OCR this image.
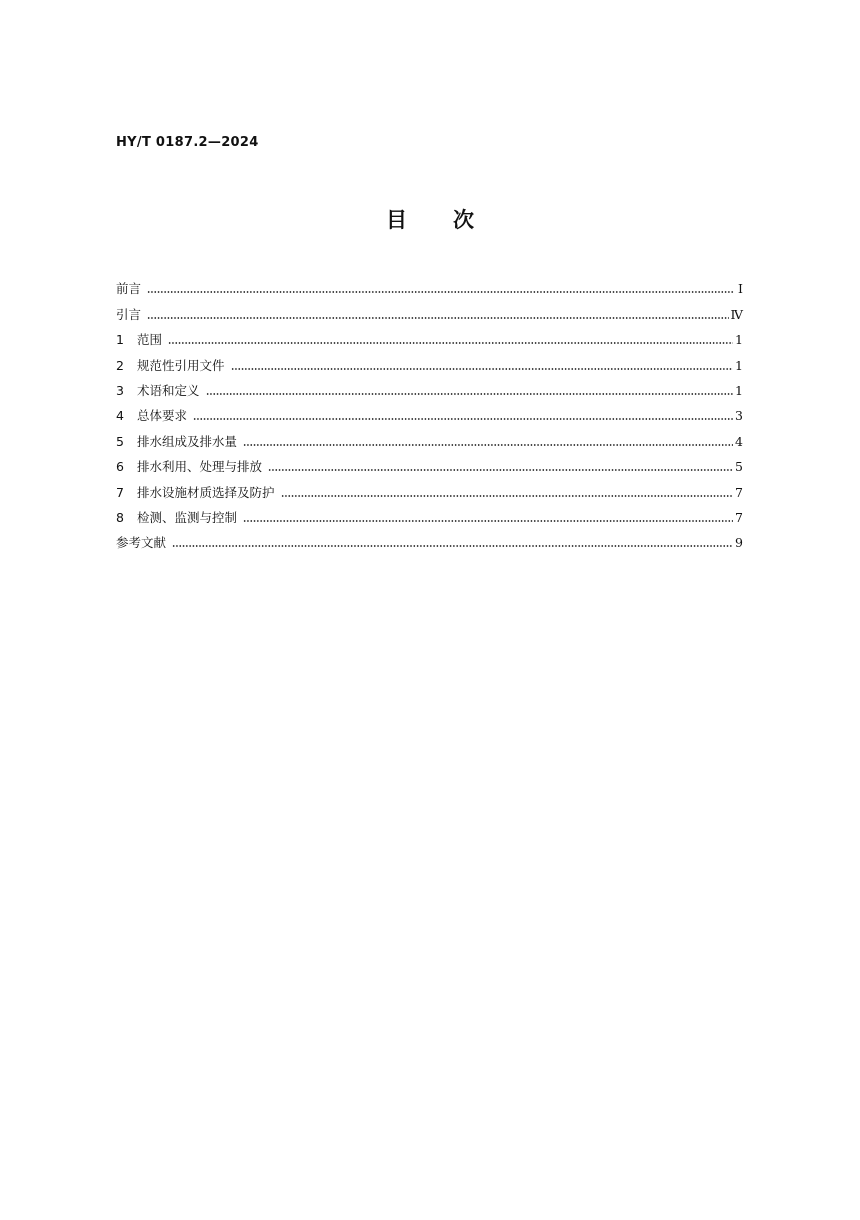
HY/T 0187.2—2024
目 次
前言	Ⅰ
引言	Ⅳ
1	范围	1
2	规范性引用文件	1
3	术语和定义	1
4	总体要求	3
5	排水组成及排水量	4
6	排水利用、处理与排放	5
7	排水设施材质选择及防护	7
8	检测、监测与控制	7
参考文献	9
